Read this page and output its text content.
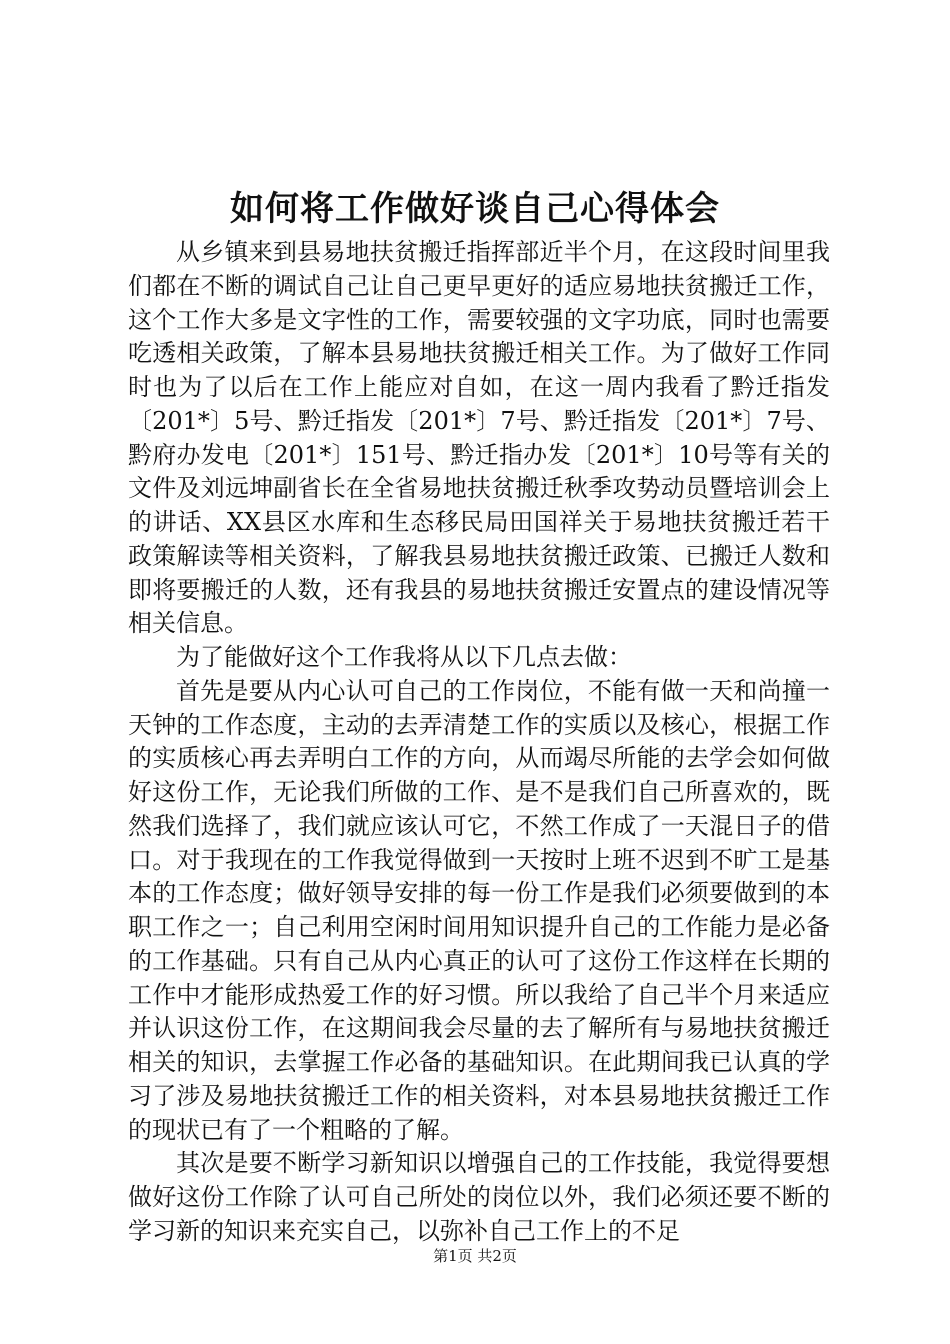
如何将工作做好谈自己心得体会

从乡镇来到县易地扶贫搬迁指挥部近半个月，在这段时间里我们都在不断的调试自己让自己更早更好的适应易地扶贫搬迁工作，这个工作大多是文字性的工作，需要较强的文字功底，同时也需要吃透相关政策，了解本县易地扶贫搬迁相关工作。为了做好工作同时也为了以后在工作上能应对自如，在这一周内我看了黔迁指发〔201*〕5号、黔迁指发〔201*〕7号、黔迁指发〔201*〕7号、黔府办发电〔201*〕151号、黔迁指办发〔201*〕10号等有关的文件及刘远坤副省长在全省易地扶贫搬迁秋季攻势动员暨培训会上的讲话、XX县区水库和生态移民局田国祥关于易地扶贫搬迁若干政策解读等相关资料，了解我县易地扶贫搬迁政策、已搬迁人数和即将要搬迁的人数，还有我县的易地扶贫搬迁安置点的建设情况等相关信息。

为了能做好这个工作我将从以下几点去做：

首先是要从内心认可自己的工作岗位，不能有做一天和尚撞一天钟的工作态度，主动的去弄清楚工作的实质以及核心，根据工作的实质核心再去弄明白工作的方向，从而竭尽所能的去学会如何做好这份工作，无论我们所做的工作、是不是我们自己所喜欢的，既然我们选择了，我们就应该认可它，不然工作成了一天混日子的借口。对于我现在的工作我觉得做到一天按时上班不迟到不旷工是基本的工作态度；做好领导安排的每一份工作是我们必须要做到的本职工作之一；自己利用空闲时间用知识提升自己的工作能力是必备的工作基础。只有自己从内心真正的认可了这份工作这样在长期的工作中才能形成热爱工作的好习惯。所以我给了自己半个月来适应并认识这份工作，在这期间我会尽量的去了解所有与易地扶贫搬迁相关的知识，去掌握工作必备的基础知识。在此期间我已认真的学习了涉及易地扶贫搬迁工作的相关资料，对本县易地扶贫搬迁工作的现状已有了一个粗略的了解。

其次是要不断学习新知识以增强自己的工作技能，我觉得要想做好这份工作除了认可自己所处的岗位以外，我们必须还要不断的学习新的知识来充实自己，以弥补自己工作上的不足

第1页 共2页
